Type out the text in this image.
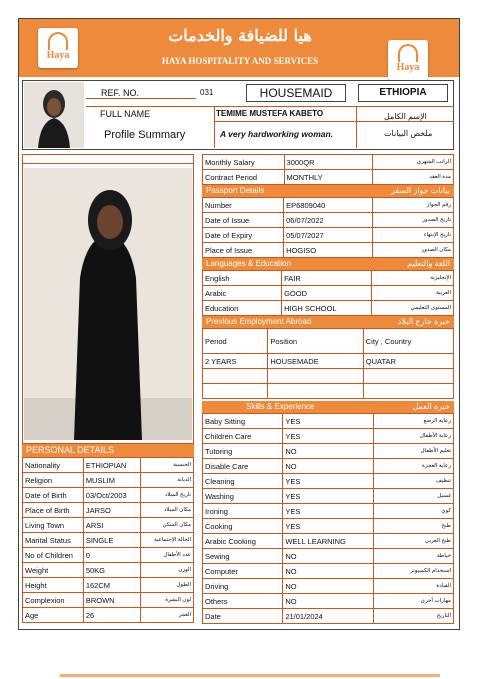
هيا للضيافة والخدمات
HAYA HOSPITALITY AND SERVICES
Haya
Haya
REF. NO.	031	HOUSEMAID	ETHIOPIA
FULL NAME	TEMIME MUSTEFA KABETO	الإسم الكامل
Profile Summary	A very hardworking woman.	ملخص البيانات
PERSONAL DETAILS
Nationality	ETHIOPIAN	الجنسية
Religion	MUSLIM	الديانة
Date of Birth	03/Oct/2003	تاريخ الميلاد
Place of Birth	JARSO	مكان الميلاد
Living Town	ARSI	مكان السكن
Marital Status	SINGLE	الحالة الإجتماعية
No of Children	0	عدد الأطفال
Weight	50KG	الوزن
Height	162CM	الطول
Complexion	BROWN	لون البشرة
Age	26	العمر
Monthly Salary	3000QR	الراتب الشهري
Contract Period	MONTHLY	مدة العقد
Passport Details	بيانات جواز السفر
Number	EP6809040	رقم الجواز
Date of Issue	06/07/2022	تاريخ الصدور
Date of Expiry	05/07/2027	تاريخ الإنتهاء
Place of Issue	HOGISO	مكان الصدور
Languages & Education	اللغة والتعليم
English	FAIR	الإنجليزية
Arabic	GOOD	العربية
Education	HIGH SCHOOL	المستوى التعليمي
Previous Employment Abroad	خبرة خارج البلاد
Period	Position	City , Country
2 YEARS	HOUSEMADE	QUATAR

Skills & Experience	خبرة العمل
Baby Sitting	YES	رعاية الرضع
Children Care	YES	رعاية الأطفال
Tutoring	NO	تعليم الأطفال
Disable Care	NO	رعاية العجزة
Cleaning	YES	تنظيف
Washing	YES	غسيل
Ironing	YES	كوي
Cooking	YES	طبخ
Arabic Cooking	WELL LEARNING	طبخ العربي
Sewing	NO	خياطة
Computer	NO	استخدام الكمبيوتر
Driving	NO	القيادة
Others	NO	مهارات أخرى
Date	21/01/2024	التاريخ
